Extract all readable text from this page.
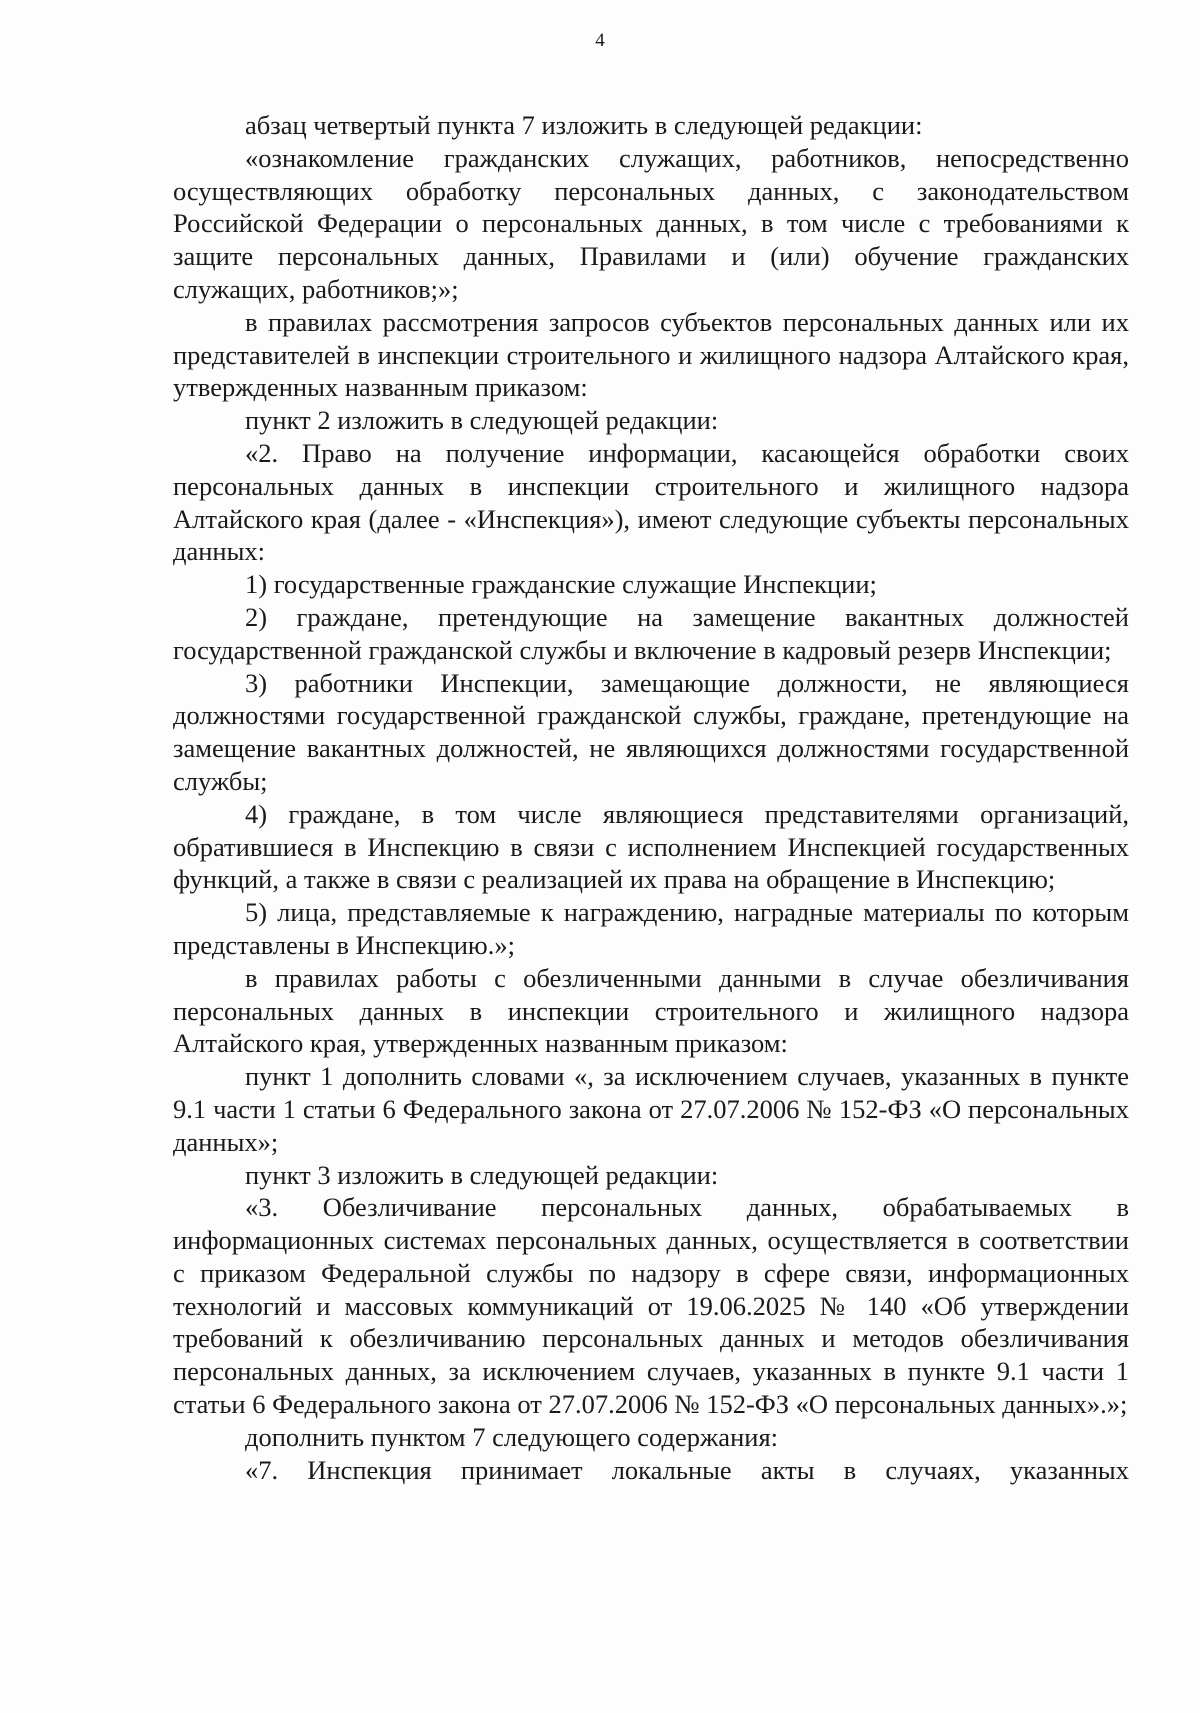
4

абзац четвертый пункта 7 изложить в следующей редакции:

«ознакомление гражданских служащих, работников, непосредственно осуществляющих обработку персональных данных, с законодательством Российской Федерации о персональных данных, в том числе с требованиями к защите персональных данных, Правилами и (или) обучение гражданских служащих, работников;»;

в правилах рассмотрения запросов субъектов персональных данных или их представителей в инспекции строительного и жилищного надзора Алтайского края, утвержденных названным приказом:

пункт 2 изложить в следующей редакции:

«2. Право на получение информации, касающейся обработки своих персональных данных в инспекции строительного и жилищного надзора Алтайского края (далее - «Инспекция»), имеют следующие субъекты персональных данных:

1) государственные гражданские служащие Инспекции;

2) граждане, претендующие на замещение вакантных должностей государственной гражданской службы и включение в кадровый резерв Инспекции;

3) работники Инспекции, замещающие должности, не являющиеся должностями государственной гражданской службы, граждане, претендующие на замещение вакантных должностей, не являющихся должностями государственной службы;

4) граждане, в том числе являющиеся представителями организаций, обратившиеся в Инспекцию в связи с исполнением Инспекцией государственных функций, а также в связи с реализацией их права на обращение в Инспекцию;

5) лица, представляемые к награждению, наградные материалы по которым представлены в Инспекцию.»;

в правилах работы с обезличенными данными в случае обезличивания персональных данных в инспекции строительного и жилищного надзора Алтайского края, утвержденных названным приказом:

пункт 1 дополнить словами «, за исключением случаев, указанных в пункте 9.1 части 1 статьи 6 Федерального закона от 27.07.2006 № 152-ФЗ «О персональных данных»;

пункт 3 изложить в следующей редакции:

«3. Обезличивание персональных данных, обрабатываемых в информационных системах персональных данных, осуществляется в соответствии с приказом Федеральной службы по надзору в сфере связи, информационных технологий и массовых коммуникаций от 19.06.2025 № 140 «Об утверждении требований к обезличиванию персональных данных и методов обезличивания персональных данных, за исключением случаев, указанных в пункте 9.1 части 1 статьи 6 Федерального закона от 27.07.2006 № 152-ФЗ «О персональных данных».»;

дополнить пунктом 7 следующего содержания:

«7. Инспекция принимает локальные акты в случаях, указанных
